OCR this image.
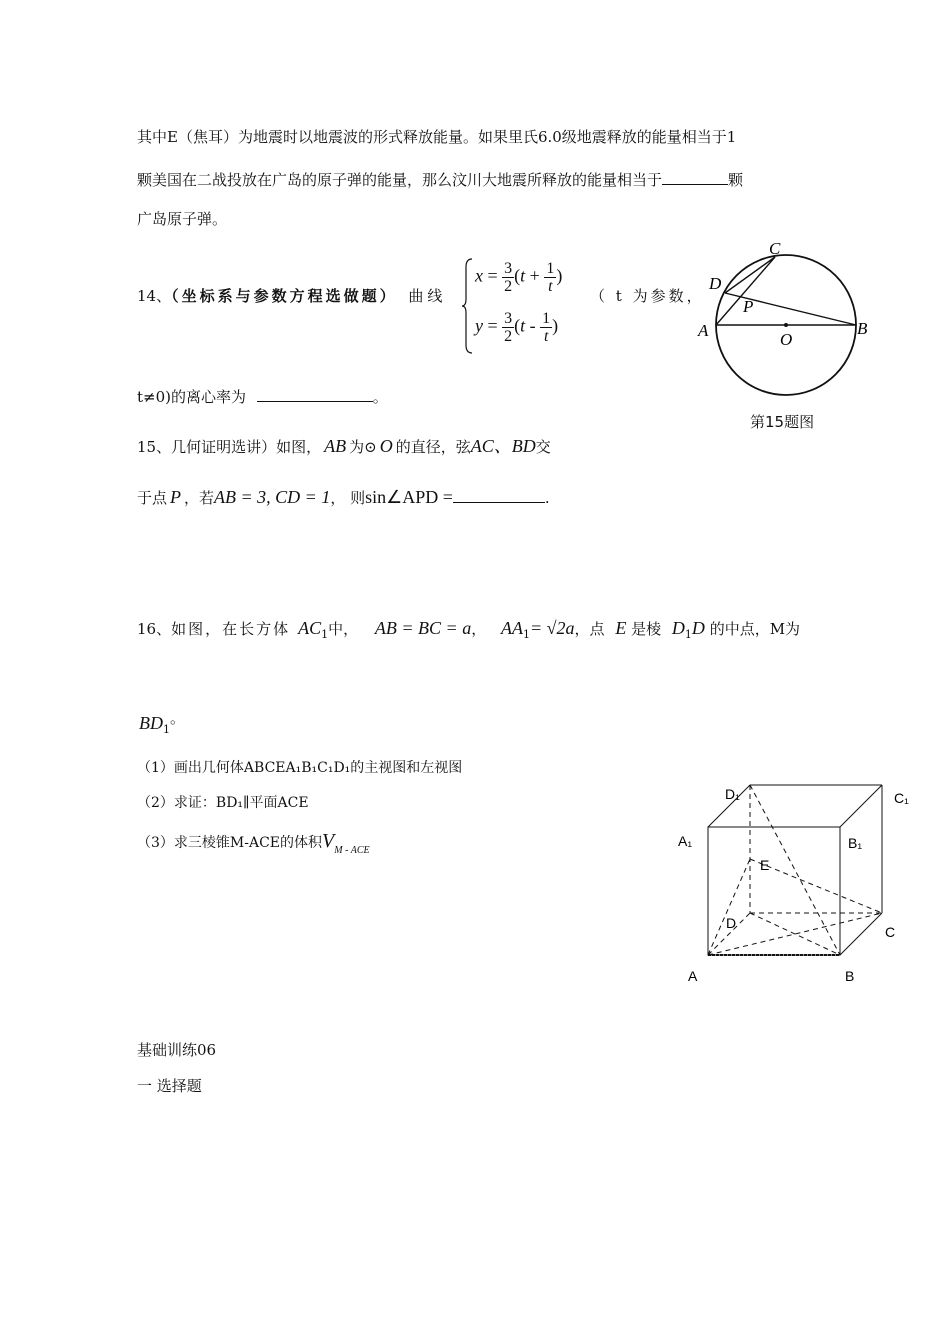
其中E（焦耳）为地震时以地震波的形式释放能量。如果里氏6.0级地震释放的能量相当于1
颗美国在二战投放在广岛的原子弹的能量，那么汶川大地震所释放的能量相当于	颗
广岛原子弹。
14、（坐标系与参数方程选做题） 曲线
$x = \frac{3}{2} (t + \frac{1}{t}$ )
$y = \frac{3}{2} (t - \frac{1}{t}$ )
（ t 为参数，
t≠0)的离心率为	。
C
D
P
A	B
O
第15题图
15、几何证明选讲）如图， AB 为⊙ O 的直径，弦AC、BD交
于点 P ，若AB = 3, CD = 1， 则sin∠APD =	.
16、如图，在长方体 $AC_1$中， AB = BC = a， $AA_1= √2a$，点 E 是棱 $D_1D$ 的中点，M为
$BD_1$。
（1）画出几何体ABCEA₁B₁C₁D₁的主视图和左视图
（2）求证：BD₁∥平面ACE
（3）求三棱锥M-ACE的体积$V_{M - ACE}$
D₁	C₁
A₁	B₁
E
D
C
A	B
基础训练06
一 选择题
